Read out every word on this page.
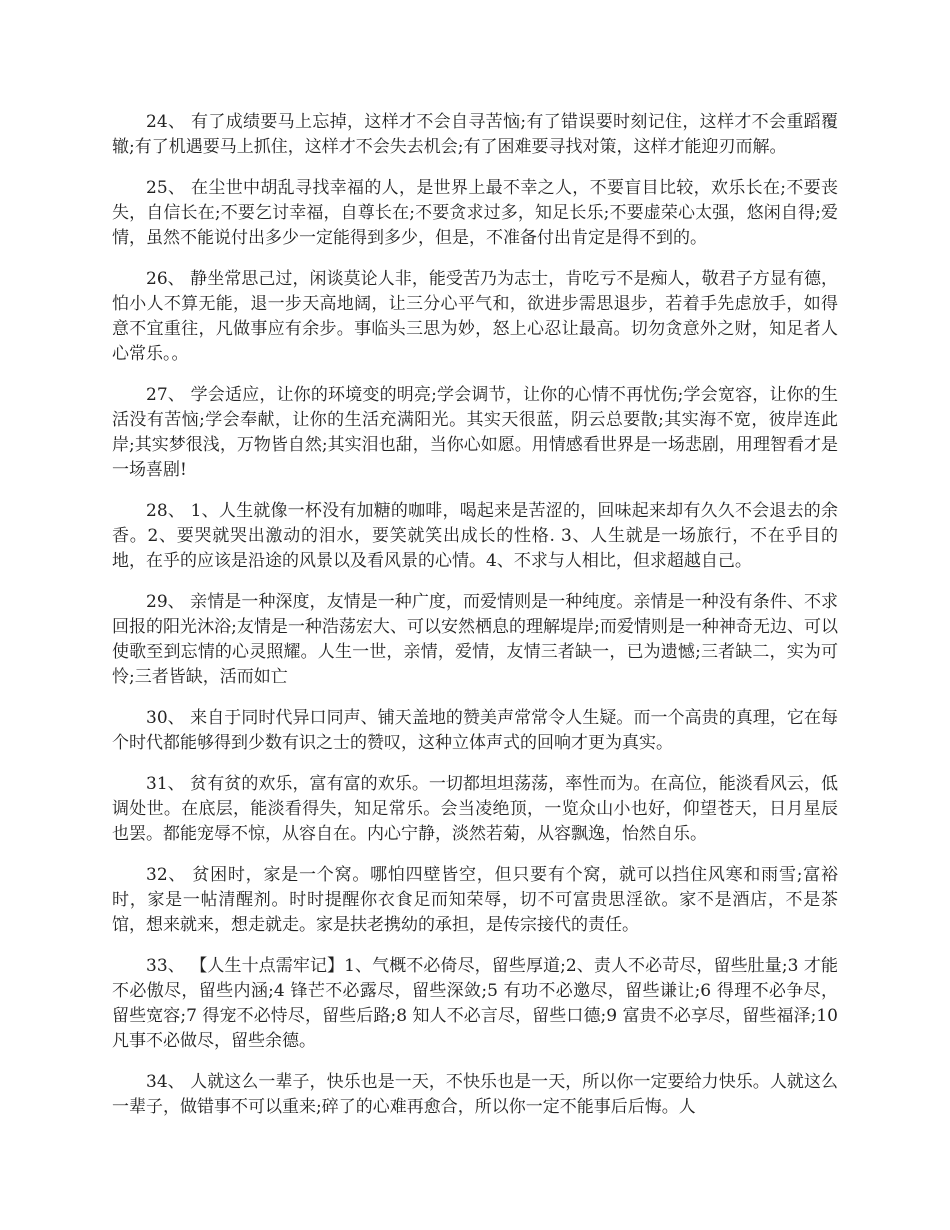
24、 有了成绩要马上忘掉，这样才不会自寻苦恼;有了错误要时刻记住，这样才不会重蹈覆辙;有了机遇要马上抓住，这样才不会失去机会;有了困难要寻找对策，这样才能迎刃而解。

25、 在尘世中胡乱寻找幸福的人，是世界上最不幸之人，不要盲目比较，欢乐长在;不要丧失，自信长在;不要乞讨幸福，自尊长在;不要贪求过多，知足长乐;不要虚荣心太强，悠闲自得;爱情，虽然不能说付出多少一定能得到多少，但是，不准备付出肯定是得不到的。

26、 静坐常思己过，闲谈莫论人非，能受苦乃为志士，肯吃亏不是痴人，敬君子方显有德，怕小人不算无能，退一步天高地阔，让三分心平气和，欲进步需思退步，若着手先虑放手，如得意不宜重往，凡做事应有余步。事临头三思为妙，怒上心忍让最高。切勿贪意外之财，知足者人心常乐。。

27、 学会适应，让你的环境变的明亮;学会调节，让你的心情不再忧伤;学会宽容，让你的生活没有苦恼;学会奉献，让你的生活充满阳光。其实天很蓝，阴云总要散;其实海不宽，彼岸连此岸;其实梦很浅，万物皆自然;其实泪也甜，当你心如愿。用情感看世界是一场悲剧，用理智看才是一场喜剧!

28、 1、人生就像一杯没有加糖的咖啡，喝起来是苦涩的，回味起来却有久久不会退去的余香。2、要哭就哭出激动的泪水，要笑就笑出成长的性格. 3、人生就是一场旅行，不在乎目的地，在乎的应该是沿途的风景以及看风景的心情。4、不求与人相比，但求超越自己。

29、 亲情是一种深度，友情是一种广度，而爱情则是一种纯度。亲情是一种没有条件、不求回报的阳光沐浴;友情是一种浩荡宏大、可以安然栖息的理解堤岸;而爱情则是一种神奇无边、可以使歌至到忘情的心灵照耀。人生一世，亲情，爱情，友情三者缺一，已为遗憾;三者缺二，实为可怜;三者皆缺，活而如亡

30、 来自于同时代异口同声、铺天盖地的赞美声常常令人生疑。而一个高贵的真理，它在每个时代都能够得到少数有识之士的赞叹，这种立体声式的回响才更为真实。

31、 贫有贫的欢乐，富有富的欢乐。一切都坦坦荡荡，率性而为。在高位，能淡看风云，低调处世。在底层，能淡看得失，知足常乐。会当凌绝顶，一览众山小也好，仰望苍天，日月星辰也罢。都能宠辱不惊，从容自在。内心宁静，淡然若菊，从容飘逸，怡然自乐。

32、 贫困时，家是一个窝。哪怕四壁皆空，但只要有个窝，就可以挡住风寒和雨雪;富裕时，家是一帖清醒剂。时时提醒你衣食足而知荣辱，切不可富贵思淫欲。家不是酒店，不是茶馆，想来就来，想走就走。家是扶老携幼的承担，是传宗接代的责任。

33、 【人生十点需牢记】1、气概不必倚尽，留些厚道;2、责人不必苛尽，留些肚量;3 才能不必傲尽，留些内涵;4 锋芒不必露尽，留些深敛;5 有功不必邀尽，留些谦让;6 得理不必争尽，留些宽容;7 得宠不必恃尽，留些后路;8 知人不必言尽，留些口德;9 富贵不必享尽，留些福泽;10 凡事不必做尽，留些余德。

34、 人就这么一辈子，快乐也是一天，不快乐也是一天，所以你一定要给力快乐。人就这么一辈子，做错事不可以重来;碎了的心难再愈合，所以你一定不能事后后悔。人
